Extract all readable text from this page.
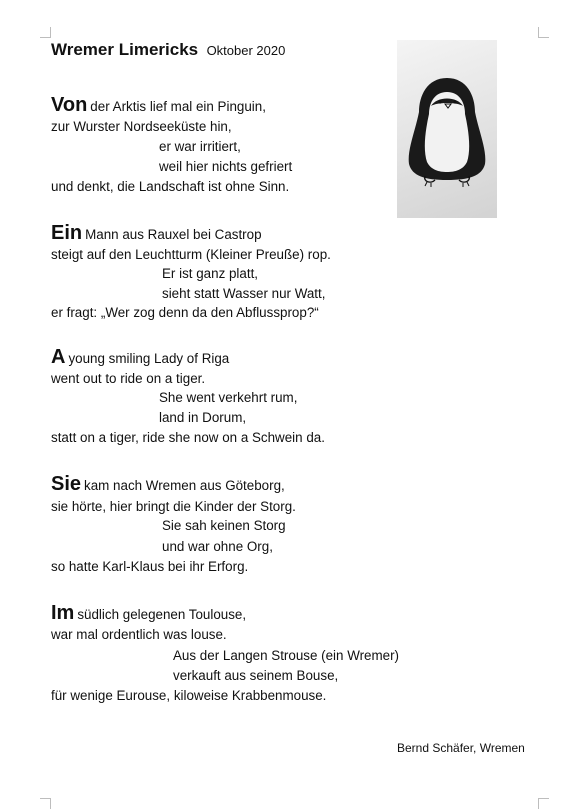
Wremer Limericks Oktober 2020
Von der Arktis lief mal ein Pinguin,
zur Wurster Nordseeküste hin,
er war irritiert,
weil hier nichts gefriert
und denkt, die Landschaft ist ohne Sinn.
Ein Mann aus Rauxel bei Castrop
steigt auf den Leuchtturm (Kleiner Preuße) rop.
Er ist ganz platt,
sieht statt Wasser nur Watt,
er fragt: „Wer zog denn da den Abflussprop?“
A young smiling Lady of Riga
went out to ride on a tiger.
She went verkehrt rum,
land in Dorum,
statt on a tiger, ride she now on a Schwein da.
Sie kam nach Wremen aus Göteborg,
sie hörte, hier bringt die Kinder der Storg.
Sie sah keinen Storg
und war ohne Org,
so hatte Karl-Klaus bei ihr Erforg.
Im südlich gelegenen Toulouse,
war mal ordentlich was louse.
Aus der Langen Strouse (ein Wremer)
verkauft aus seinem Bouse,
für wenige Eurouse, kiloweise Krabbenmouse.
Bernd Schäfer, Wremen
